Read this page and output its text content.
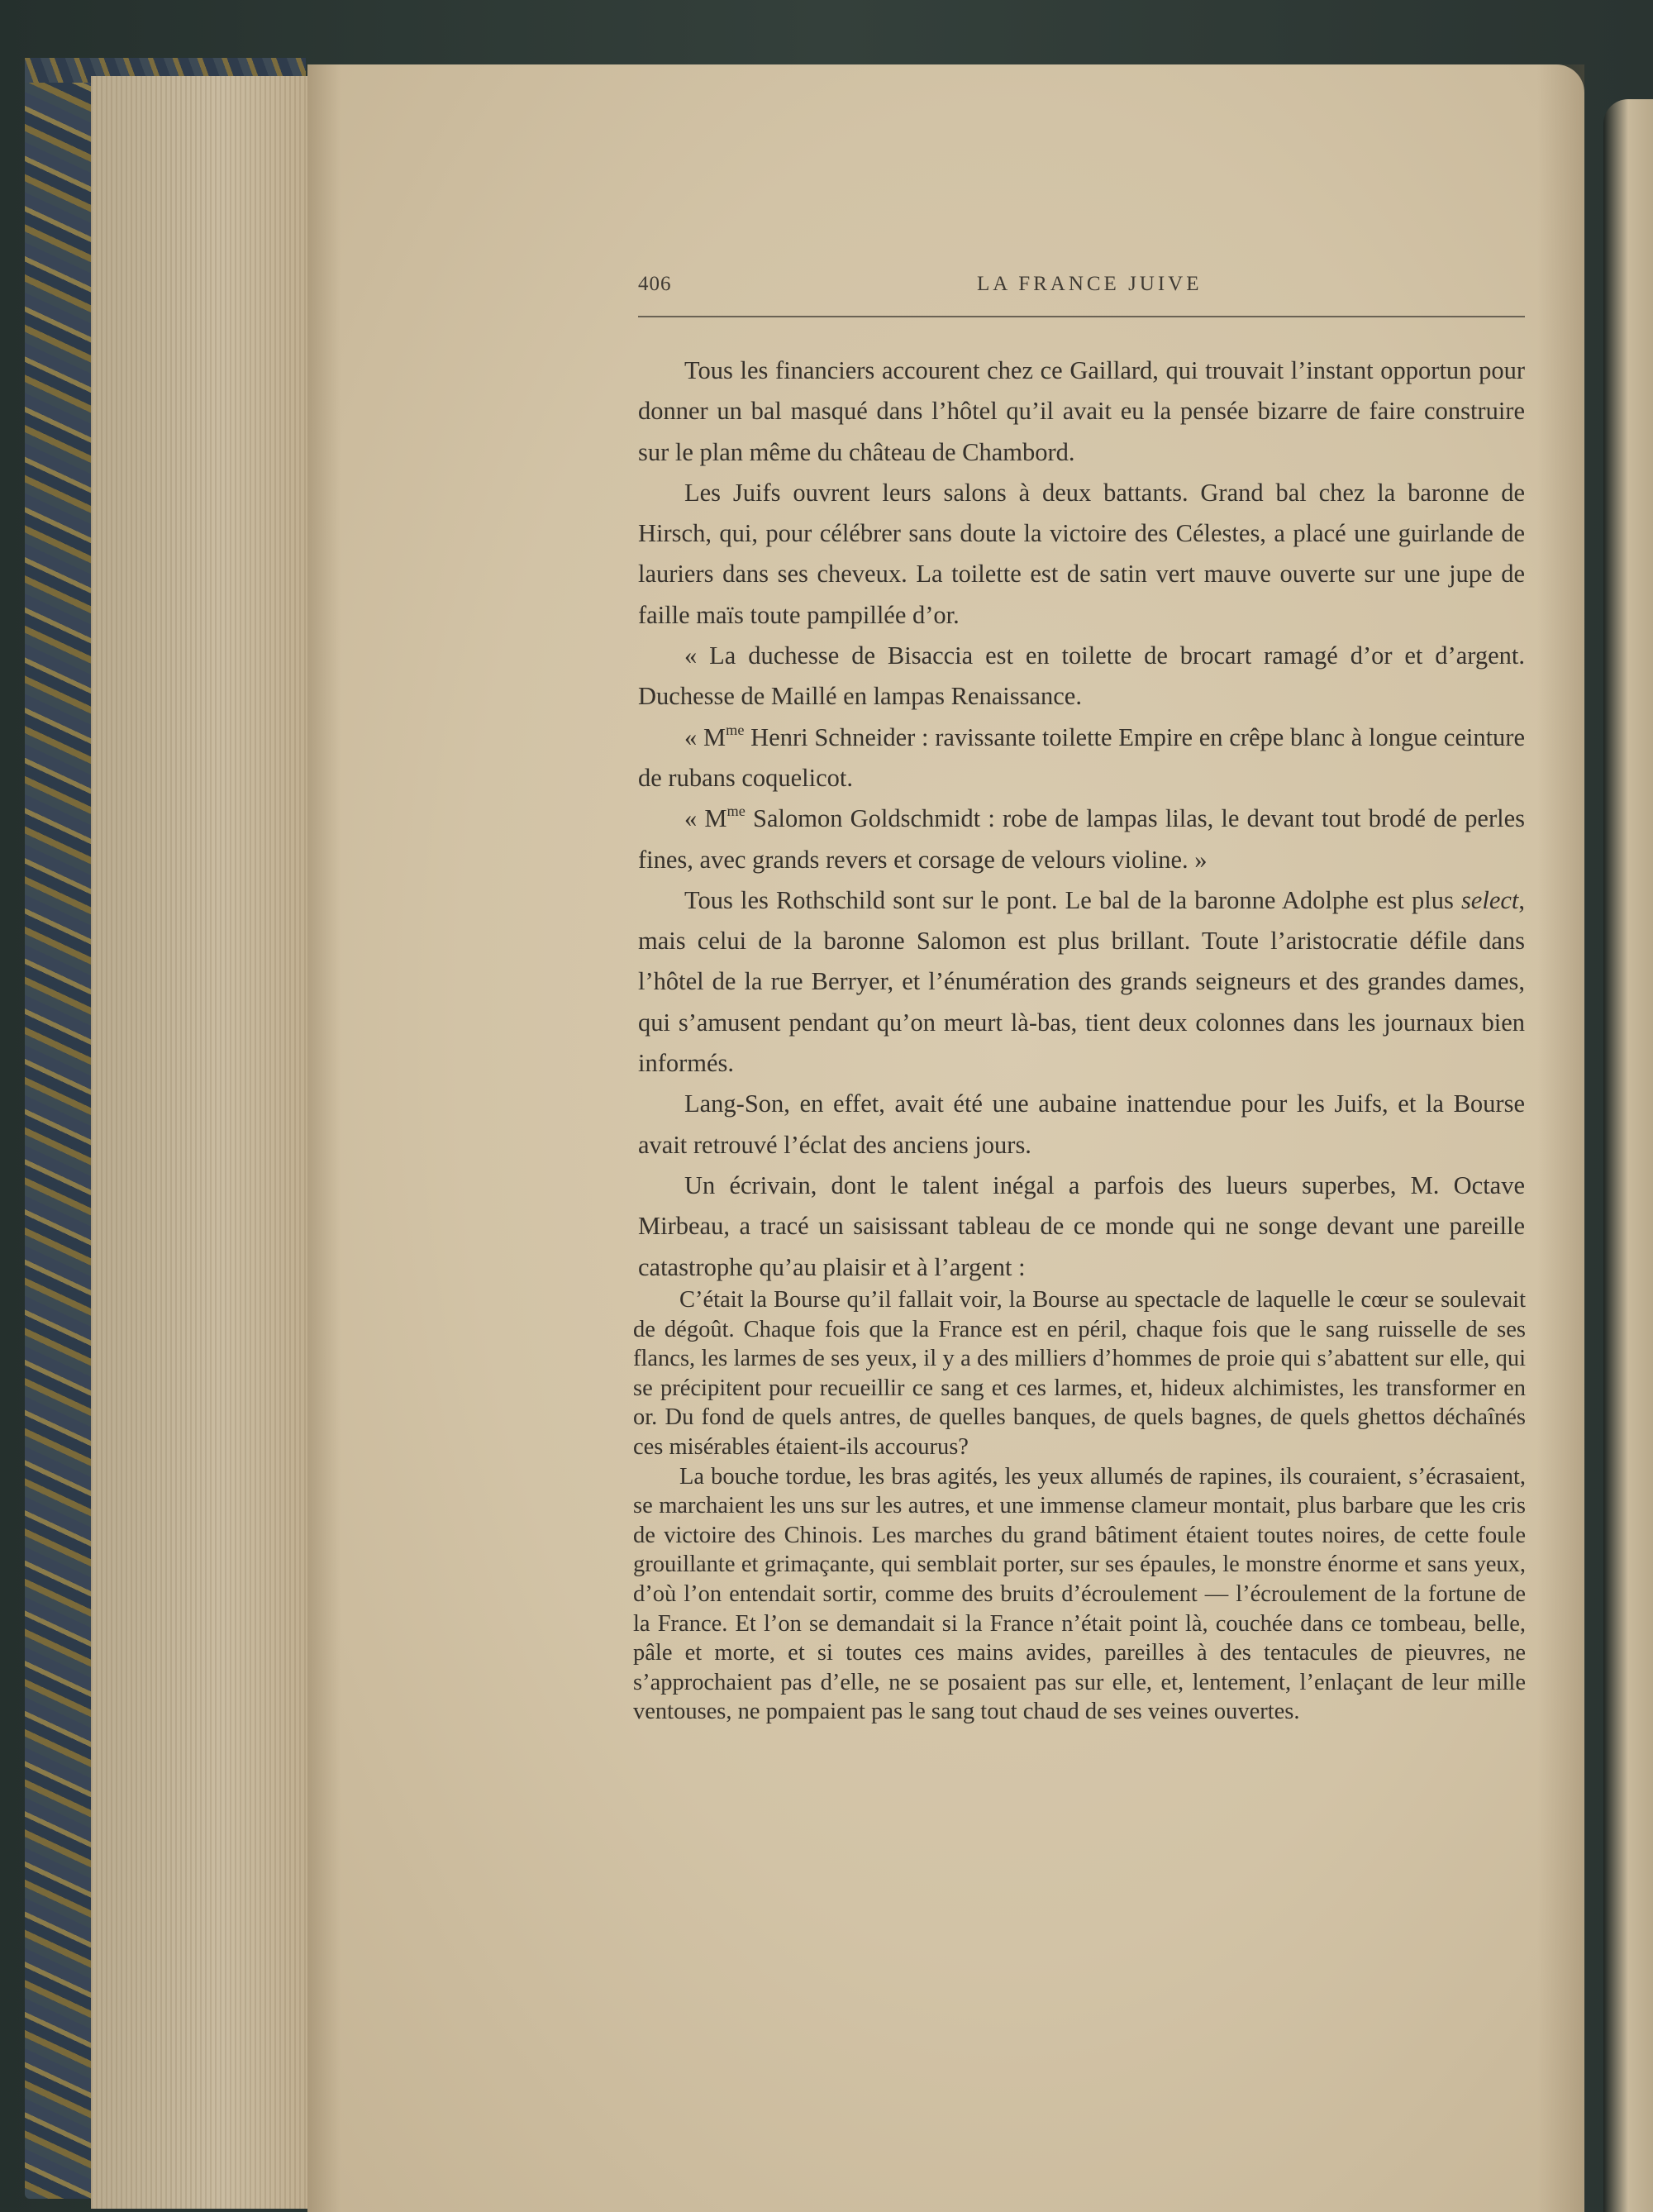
406	LA FRANCE JUIVE

Tous les financiers accourent chez ce Gaillard, qui trouvait l’instant opportun pour donner un bal masqué dans l’hôtel qu’il avait eu la pensée bizarre de faire construire sur le plan même du château de Chambord.

Les Juifs ouvrent leurs salons à deux battants. Grand bal chez la baronne de Hirsch, qui, pour célébrer sans doute la victoire des Célestes, a placé une guirlande de lauriers dans ses cheveux. La toilette est de satin vert mauve ouverte sur une jupe de faille maïs toute pampillée d’or.

« La duchesse de Bisaccia est en toilette de brocart ramagé d’or et d’argent. Duchesse de Maillé en lampas Renaissance.

« $M^{me}$ Henri Schneider : ravissante toilette Empire en crêpe blanc à longue ceinture de rubans coquelicot.

« $M^{me}$ Salomon Goldschmidt : robe de lampas lilas, le devant tout brodé de perles fines, avec grands revers et corsage de velours violine. »

Tous les Rothschild sont sur le pont. Le bal de la baronne Adolphe est plus select, mais celui de la baronne Salomon est plus brillant. Toute l’aristocratie défile dans l’hôtel de la rue Berryer, et l’énumération des grands seigneurs et des grandes dames, qui s’amusent pendant qu’on meurt là-bas, tient deux colonnes dans les journaux bien informés.

Lang-Son, en effet, avait été une aubaine inattendue pour les Juifs, et la Bourse avait retrouvé l’éclat des anciens jours.

Un écrivain, dont le talent inégal a parfois des lueurs superbes, M. Octave Mirbeau, a tracé un saisissant tableau de ce monde qui ne songe devant une pareille catastrophe qu’au plaisir et à l’argent :

C’était la Bourse qu’il fallait voir, la Bourse au spectacle de laquelle le cœur se soulevait de dégoût. Chaque fois que la France est en péril, chaque fois que le sang ruisselle de ses flancs, les larmes de ses yeux, il y a des milliers d’hommes de proie qui s’abattent sur elle, qui se précipitent pour recueillir ce sang et ces larmes, et, hideux alchimistes, les transformer en or. Du fond de quels antres, de quelles banques, de quels bagnes, de quels ghettos déchaînés ces misérables étaient-ils accourus?

La bouche tordue, les bras agités, les yeux allumés de rapines, ils couraient, s’écrasaient, se marchaient les uns sur les autres, et une immense clameur montait, plus barbare que les cris de victoire des Chinois. Les marches du grand bâtiment étaient toutes noires, de cette foule grouillante et grimaçante, qui semblait porter, sur ses épaules, le monstre énorme et sans yeux, d’où l’on entendait sortir, comme des bruits d’écroulement — l’écroulement de la fortune de la France. Et l’on se demandait si la France n’était point là, couchée dans ce tombeau, belle, pâle et morte, et si toutes ces mains avides, pareilles à des tentacules de pieuvres, ne s’approchaient pas d’elle, ne se posaient pas sur elle, et, lentement, l’enlaçant de leur mille ventouses, ne pompaient pas le sang tout chaud de ses veines ouvertes.
